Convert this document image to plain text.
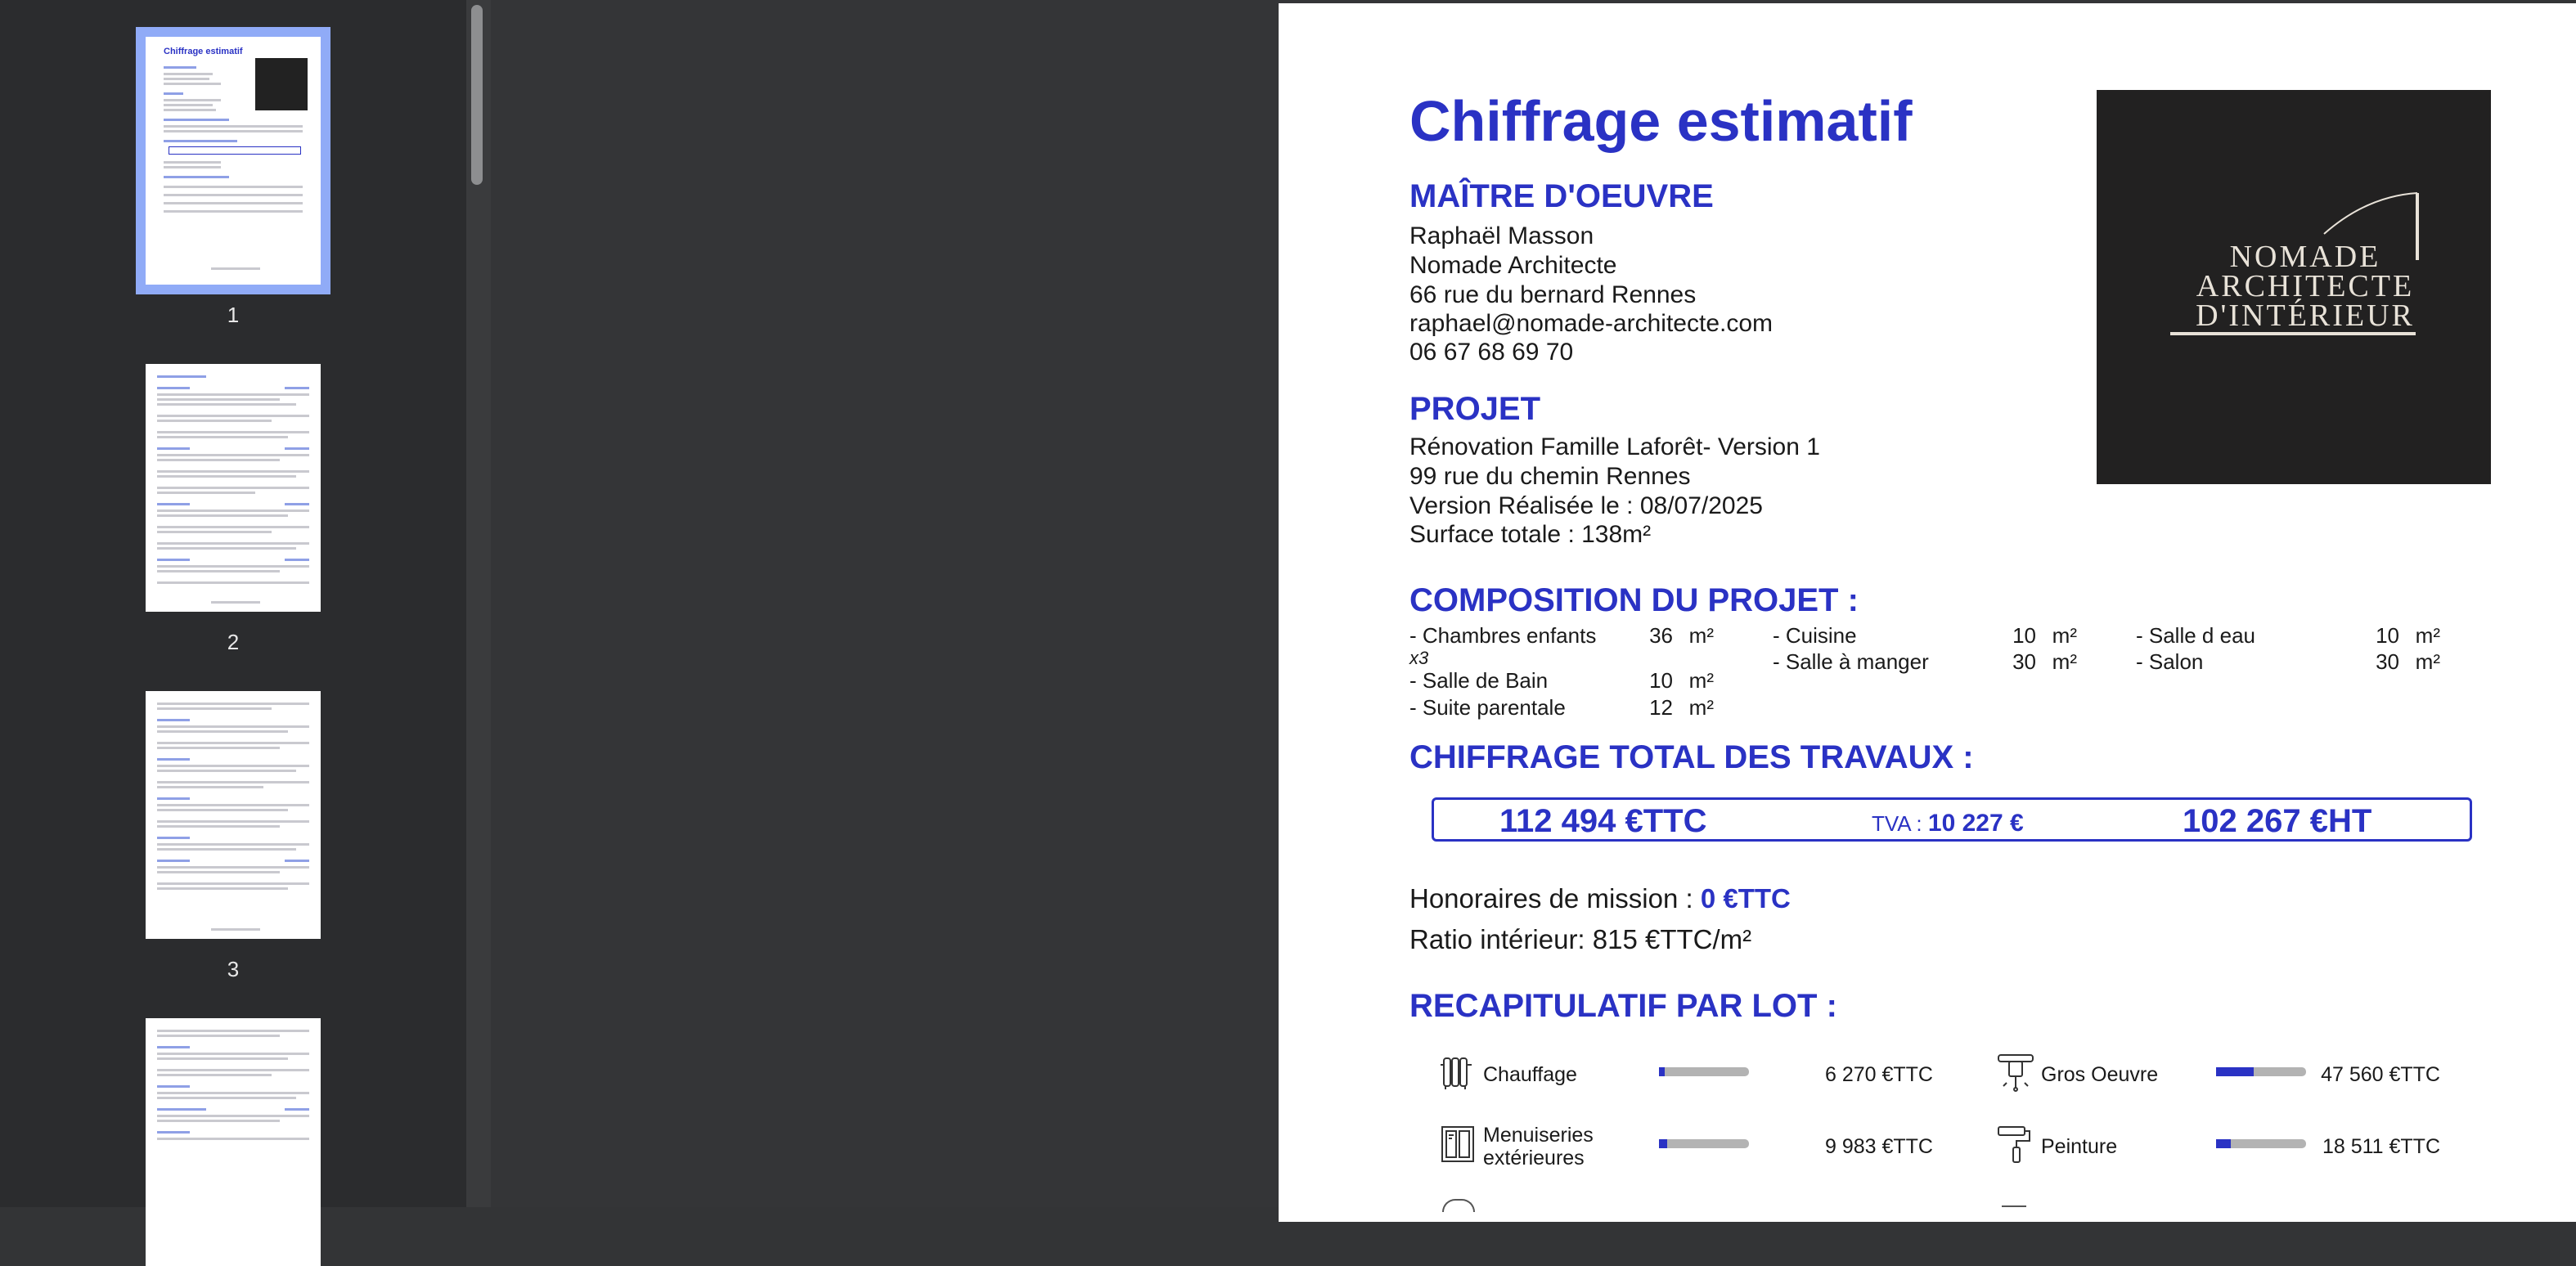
Chiffrage estimatif
1
2
3
Chiffrage estimatif
MAÎTRE D'OEUVRE
Raphaël Masson
Nomade Architecte
66 rue du bernard Rennes
raphael@nomade-architecte.com
06 67 68 69 70
NOMADE
ARCHITECTE
D'INTÉRIEUR
PROJET
Rénovation Famille Laforêt- Version 1
99 rue du chemin Rennes
Version Réalisée le : 08/07/2025
Surface totale : 138m²
COMPOSITION DU PROJET :
- Chambres enfants	36 m²
x3
- Salle de Bain	10 m²
- Suite parentale	12 m²
- Cuisine	10 m²
- Salle à manger	30 m²
- Salle d eau	10 m²
- Salon	30 m²
CHIFFRAGE TOTAL DES TRAVAUX :
112 494 €TTC	TVA : 10 227 €	102 267 €HT
Honoraires de mission : 0 €TTC
Ratio intérieur: 815 €TTC/m²
RECAPITULATIF PAR LOT :
Chauffage	6 270 €TTC
Menuiseries
extérieures	9 983 €TTC
Gros Oeuvre	47 560 €TTC
Peinture	18 511 €TTC
